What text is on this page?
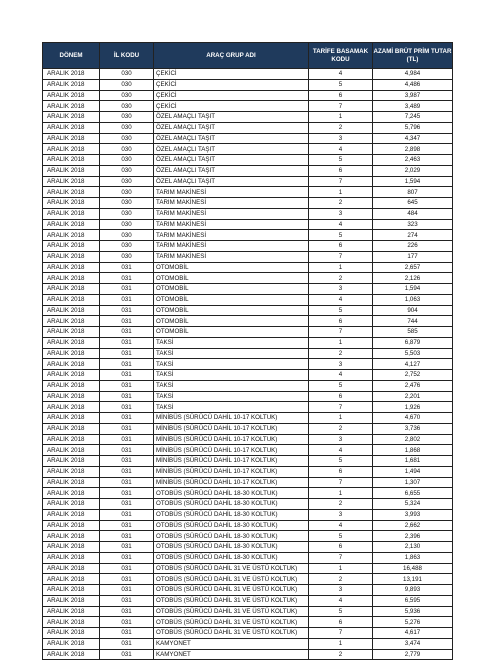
DÖNEM	İL KODU	ARAÇ GRUP ADI	TARİFE BASAMAK KODU	AZAMİ BRÜT PRİM TUTAR (TL)
ARALIK 2018	030	ÇEKİCİ	4	4,984
ARALIK 2018	030	ÇEKİCİ	5	4,486
ARALIK 2018	030	ÇEKİCİ	6	3,987
ARALIK 2018	030	ÇEKİCİ	7	3,489
ARALIK 2018	030	ÖZEL AMAÇLI TAŞIT	1	7,245
ARALIK 2018	030	ÖZEL AMAÇLI TAŞIT	2	5,796
ARALIK 2018	030	ÖZEL AMAÇLI TAŞIT	3	4,347
ARALIK 2018	030	ÖZEL AMAÇLI TAŞIT	4	2,898
ARALIK 2018	030	ÖZEL AMAÇLI TAŞIT	5	2,463
ARALIK 2018	030	ÖZEL AMAÇLI TAŞIT	6	2,029
ARALIK 2018	030	ÖZEL AMAÇLI TAŞIT	7	1,594
ARALIK 2018	030	TARIM MAKİNESİ	1	807
ARALIK 2018	030	TARIM MAKİNESİ	2	645
ARALIK 2018	030	TARIM MAKİNESİ	3	484
ARALIK 2018	030	TARIM MAKİNESİ	4	323
ARALIK 2018	030	TARIM MAKİNESİ	5	274
ARALIK 2018	030	TARIM MAKİNESİ	6	226
ARALIK 2018	030	TARIM MAKİNESİ	7	177
ARALIK 2018	031	OTOMOBİL	1	2,657
ARALIK 2018	031	OTOMOBİL	2	2,126
ARALIK 2018	031	OTOMOBİL	3	1,594
ARALIK 2018	031	OTOMOBİL	4	1,063
ARALIK 2018	031	OTOMOBİL	5	904
ARALIK 2018	031	OTOMOBİL	6	744
ARALIK 2018	031	OTOMOBİL	7	585
ARALIK 2018	031	TAKSİ	1	6,879
ARALIK 2018	031	TAKSİ	2	5,503
ARALIK 2018	031	TAKSİ	3	4,127
ARALIK 2018	031	TAKSİ	4	2,752
ARALIK 2018	031	TAKSİ	5	2,476
ARALIK 2018	031	TAKSİ	6	2,201
ARALIK 2018	031	TAKSİ	7	1,926
ARALIK 2018	031	MİNİBÜS (SÜRÜCÜ DAHİL 10-17 KOLTUK)	1	4,670
ARALIK 2018	031	MİNİBÜS (SÜRÜCÜ DAHİL 10-17 KOLTUK)	2	3,736
ARALIK 2018	031	MİNİBÜS (SÜRÜCÜ DAHİL 10-17 KOLTUK)	3	2,802
ARALIK 2018	031	MİNİBÜS (SÜRÜCÜ DAHİL 10-17 KOLTUK)	4	1,868
ARALIK 2018	031	MİNİBÜS (SÜRÜCÜ DAHİL 10-17 KOLTUK)	5	1,681
ARALIK 2018	031	MİNİBÜS (SÜRÜCÜ DAHİL 10-17 KOLTUK)	6	1,494
ARALIK 2018	031	MİNİBÜS (SÜRÜCÜ DAHİL 10-17 KOLTUK)	7	1,307
ARALIK 2018	031	OTOBÜS (SÜRÜCÜ DAHİL 18-30 KOLTUK)	1	6,655
ARALIK 2018	031	OTOBÜS (SÜRÜCÜ DAHİL 18-30 KOLTUK)	2	5,324
ARALIK 2018	031	OTOBÜS (SÜRÜCÜ DAHİL 18-30 KOLTUK)	3	3,993
ARALIK 2018	031	OTOBÜS (SÜRÜCÜ DAHİL 18-30 KOLTUK)	4	2,662
ARALIK 2018	031	OTOBÜS (SÜRÜCÜ DAHİL 18-30 KOLTUK)	5	2,396
ARALIK 2018	031	OTOBÜS (SÜRÜCÜ DAHİL 18-30 KOLTUK)	6	2,130
ARALIK 2018	031	OTOBÜS (SÜRÜCÜ DAHİL 18-30 KOLTUK)	7	1,863
ARALIK 2018	031	OTOBÜS (SÜRÜCÜ DAHİL 31 VE ÜSTÜ KOLTUK)	1	16,488
ARALIK 2018	031	OTOBÜS (SÜRÜCÜ DAHİL 31 VE ÜSTÜ KOLTUK)	2	13,191
ARALIK 2018	031	OTOBÜS (SÜRÜCÜ DAHİL 31 VE ÜSTÜ KOLTUK)	3	9,893
ARALIK 2018	031	OTOBÜS (SÜRÜCÜ DAHİL 31 VE ÜSTÜ KOLTUK)	4	6,595
ARALIK 2018	031	OTOBÜS (SÜRÜCÜ DAHİL 31 VE ÜSTÜ KOLTUK)	5	5,936
ARALIK 2018	031	OTOBÜS (SÜRÜCÜ DAHİL 31 VE ÜSTÜ KOLTUK)	6	5,276
ARALIK 2018	031	OTOBÜS (SÜRÜCÜ DAHİL 31 VE ÜSTÜ KOLTUK)	7	4,617
ARALIK 2018	031	KAMYONET	1	3,474
ARALIK 2018	031	KAMYONET	2	2,779
